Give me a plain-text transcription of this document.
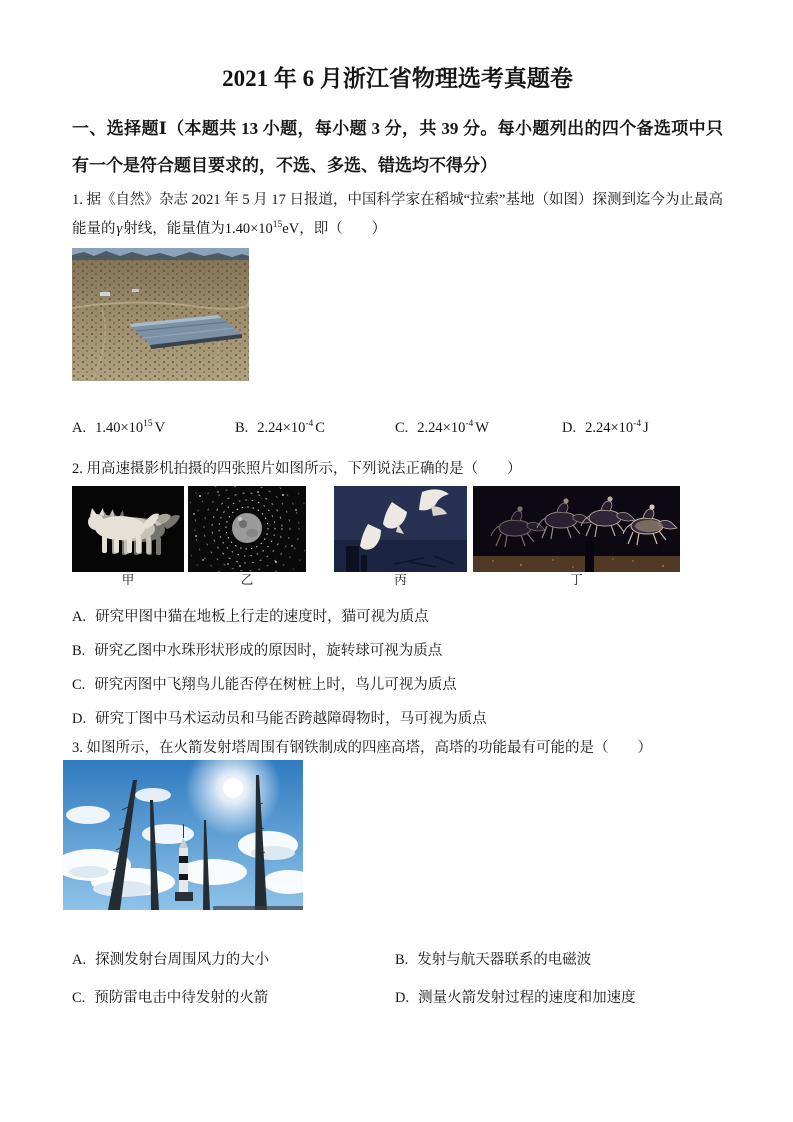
2021 年 6 月浙江省物理选考真题卷

一、选择题Ⅰ（本题共 13 小题，每小题 3 分，共 39 分。每小题列出的四个备选项中只有一个是符合题目要求的，不选、多选、错选均不得分）

1. 据《自然》杂志 2021 年 5 月 17 日报道，中国科学家在稻城“拉索”基地（如图）探测到迄今为止最高能量的γ射线，能量值为$1.40\times 10^{15}eV$，即（　　）

A. $1.40\times 10^{15}$ V	B. $2.24\times 10^{-4}$ C	C. $2.24\times 10^{-4}$ W	D. $2.24\times 10^{-4}$ J

2. 用高速摄影机拍摄的四张照片如图所示，下列说法正确的是（　　）

甲	乙	丙	丁
A. 研究甲图中猫在地板上行走的速度时，猫可视为质点
B. 研究乙图中水珠形状形成的原因时，旋转球可视为质点
C. 研究丙图中飞翔鸟儿能否停在树桩上时，鸟儿可视为质点
D. 研究丁图中马术运动员和马能否跨越障碍物时，马可视为质点

3. 如图所示，在火箭发射塔周围有钢铁制成的四座高塔，高塔的功能最有可能的是（　　）

A. 探测发射台周围风力的大小	B. 发射与航天器联系的电磁波
C. 预防雷电击中待发射的火箭	D. 测量火箭发射过程的速度和加速度
